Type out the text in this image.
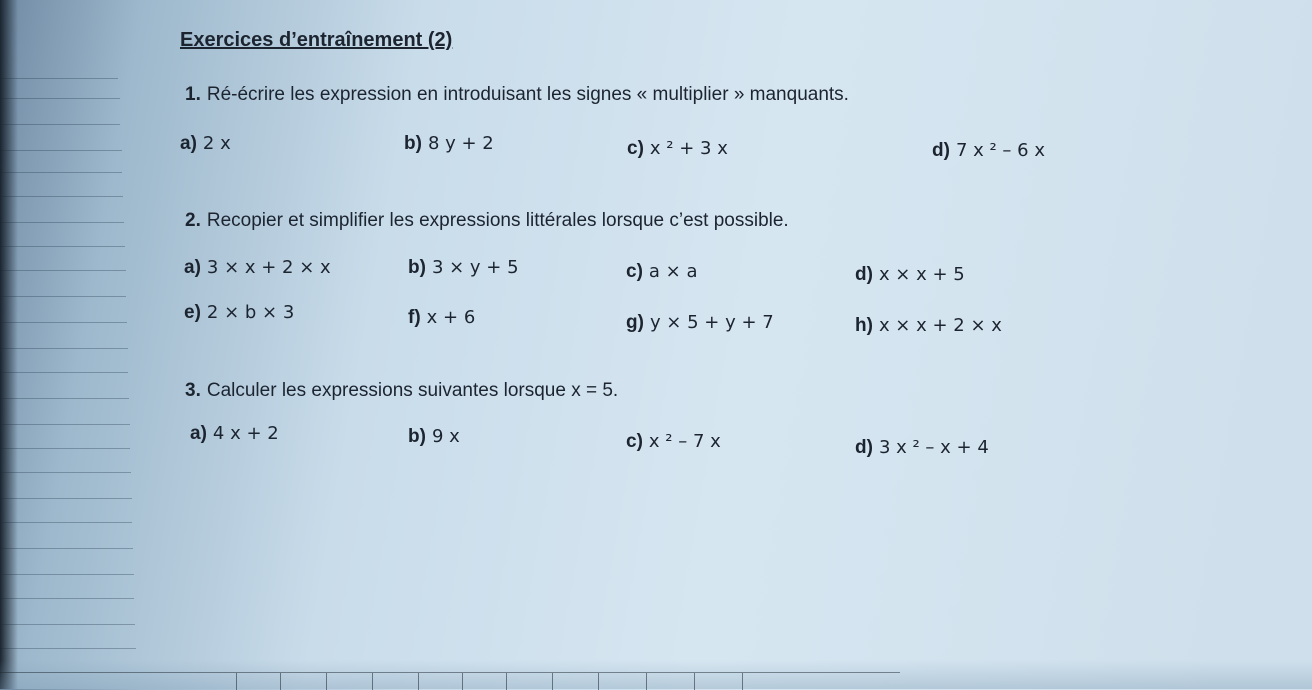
Exercices d’entraînement (2)
1. Ré-écrire les expression en introduisant les signes « multiplier » manquants.
a) 2 x	b) 8 y + 2	c) x ² + 3 x	d) 7 x ² – 6 x
2. Recopier et simplifier les expressions littérales lorsque c’est possible.
a) 3 × x + 2 × x	b) 3 × y + 5	c) a × a	d) x × x + 5
e) 2 × b × 3	f) x + 6	g) y × 5 + y + 7	h) x × x + 2 × x
3. Calculer les expressions suivantes lorsque x = 5.
a) 4 x + 2	b) 9 x	c) x ² – 7 x	d) 3 x ² – x + 4
